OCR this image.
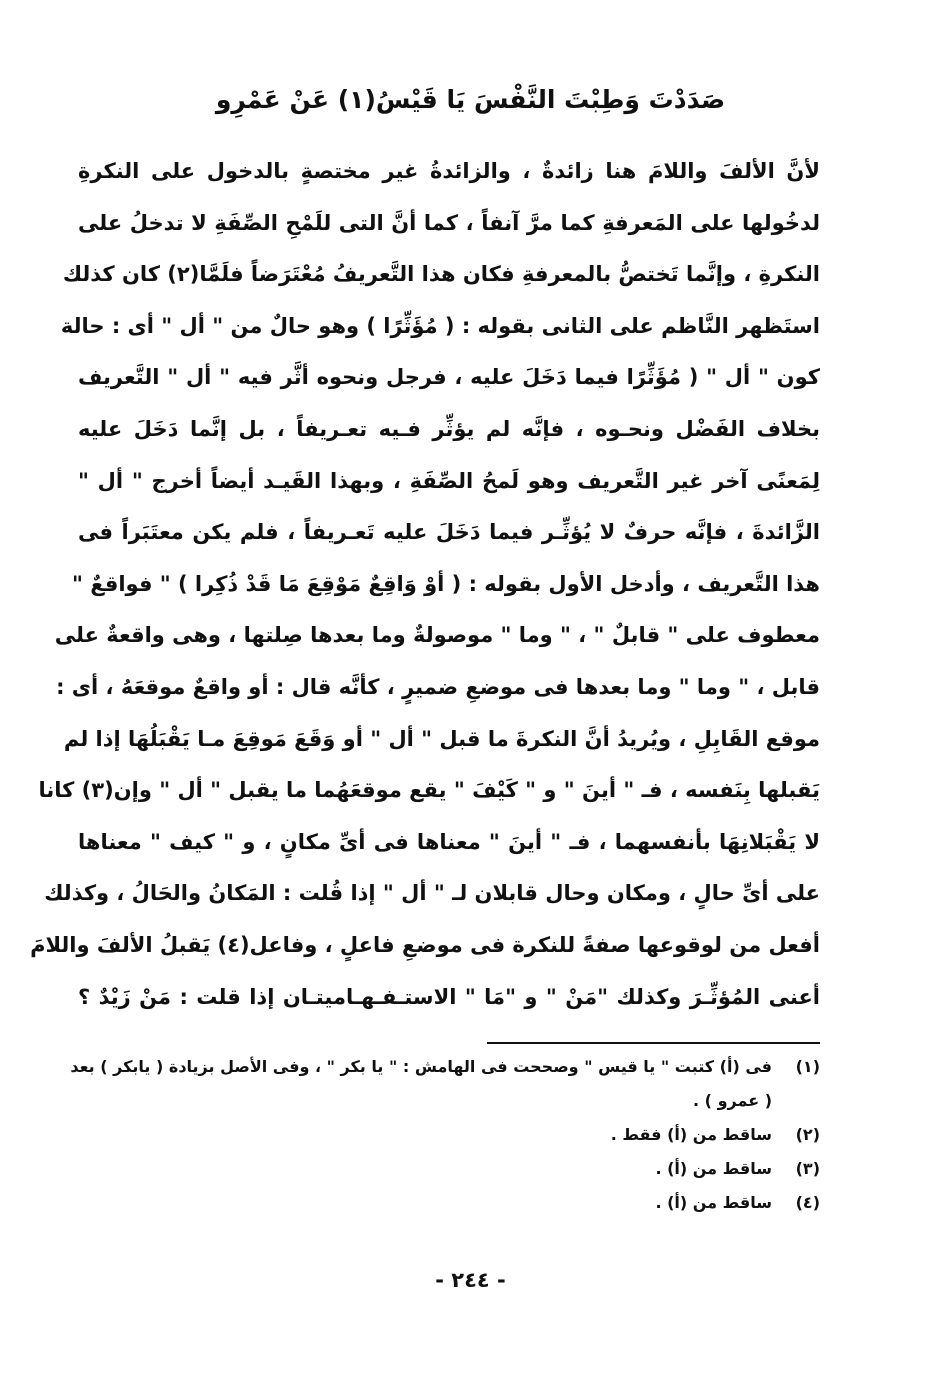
صَدَدْتَ وَطِبْتَ النَّفْسَ يَا قَيْسُ(١) عَنْ عَمْرِو
لأنَّ الألفَ واللامَ هنا زائدةٌ ، والزائدةُ غير مختصةٍ بالدخول على النكرةِ
لدخُولها على المَعرفةِ كما مرَّ آنفاً ، كما أنَّ التى للَمْحِ الصِّفَةِ لا تدخلُ على
النكرةِ ، وإنَّما تَختصُّ بالمعرفةِ فكان هذا التَّعريفُ مُعْتَرَضاً فلَمَّا(٢) كان كذلك
استَظهر النَّاظم على الثانى بقوله : ( مُؤَثِّرًا ) وهو حالٌ من " أل " أى : حالة
كون " أل " ( مُؤَثِّرًا فيما دَخَلَ عليه ، فرجل ونحوه أثَّر فيه " أل " التَّعريف
بخلاف الفَضْل ونحـوه ، فإنَّه لم يؤثِّر فـيه تعـريفاً ، بل إنَّما دَخَلَ عليه
لِمَعنًى آخر غير التَّعريف وهو لَمحُ الصِّفَةِ ، وبهذا القَيـد أيضاً أخرج " أل "
الزَّائدةَ ، فإنَّه حرفٌ لا يُؤثِّـر فيما دَخَلَ عليه تَعـريفاً ، فلم يكن معتَبَراً فى
هذا التَّعريف ، وأدخل الأول بقوله : ( أوْ وَاقِعٌ مَوْقِعَ مَا قَدْ ذُكِرا ) " فواقعٌ "
معطوف على " قابلٌ " ، " وما " موصولةٌ وما بعدها صِلتها ، وهى واقعةٌ على
قابل ، " وما " وما بعدها فى موضعِ ضميرٍ ، كأنَّه قال : أو واقعٌ موقعَهُ ، أى :
موقع القَابِلِ ، ويُريدُ أنَّ النكرةَ ما قبل " أل " أو وَقَعَ مَوقِعَ مـا يَقْبَلُهَا إذا لم
يَقبلها بِنَفسه ، فـ " أينَ " و " كَيْفَ " يقع موقعَهُما ما يقبل " أل " وإن(٣) كانا
لا يَقْبَلانِهَا بأنفسهما ، فـ " أينَ " معناها فى أىِّ مكانٍ ، و " كيف " معناها
على أىِّ حالٍ ، ومكان وحال قابلان لـ " أل " إذا قُلت : المَكانُ والحَالُ ، وكذلك
أفعل من لوقوعها صفةً للنكرة فى موضعِ فاعلٍ ، وفاعل(٤) يَقبلُ الألفَ واللامَ
أعنى المُؤثِّـرَ وكذلك "مَنْ " و "مَا " الاستـفـهـاميتـان إذا قلت : مَنْ زَيْدٌ ؟
(١)
فى (أ) كتبت " يا قيس " وصححت فى الهامش : " يا بكر " ، وفى الأصل بزيادة ( يابكر ) بعد
( عمرو ) .
(٢)
ساقط من (أ) فقط .
(٣)
ساقط من (أ) .
(٤)
ساقط من (أ) .
- ٢٤٤ -
